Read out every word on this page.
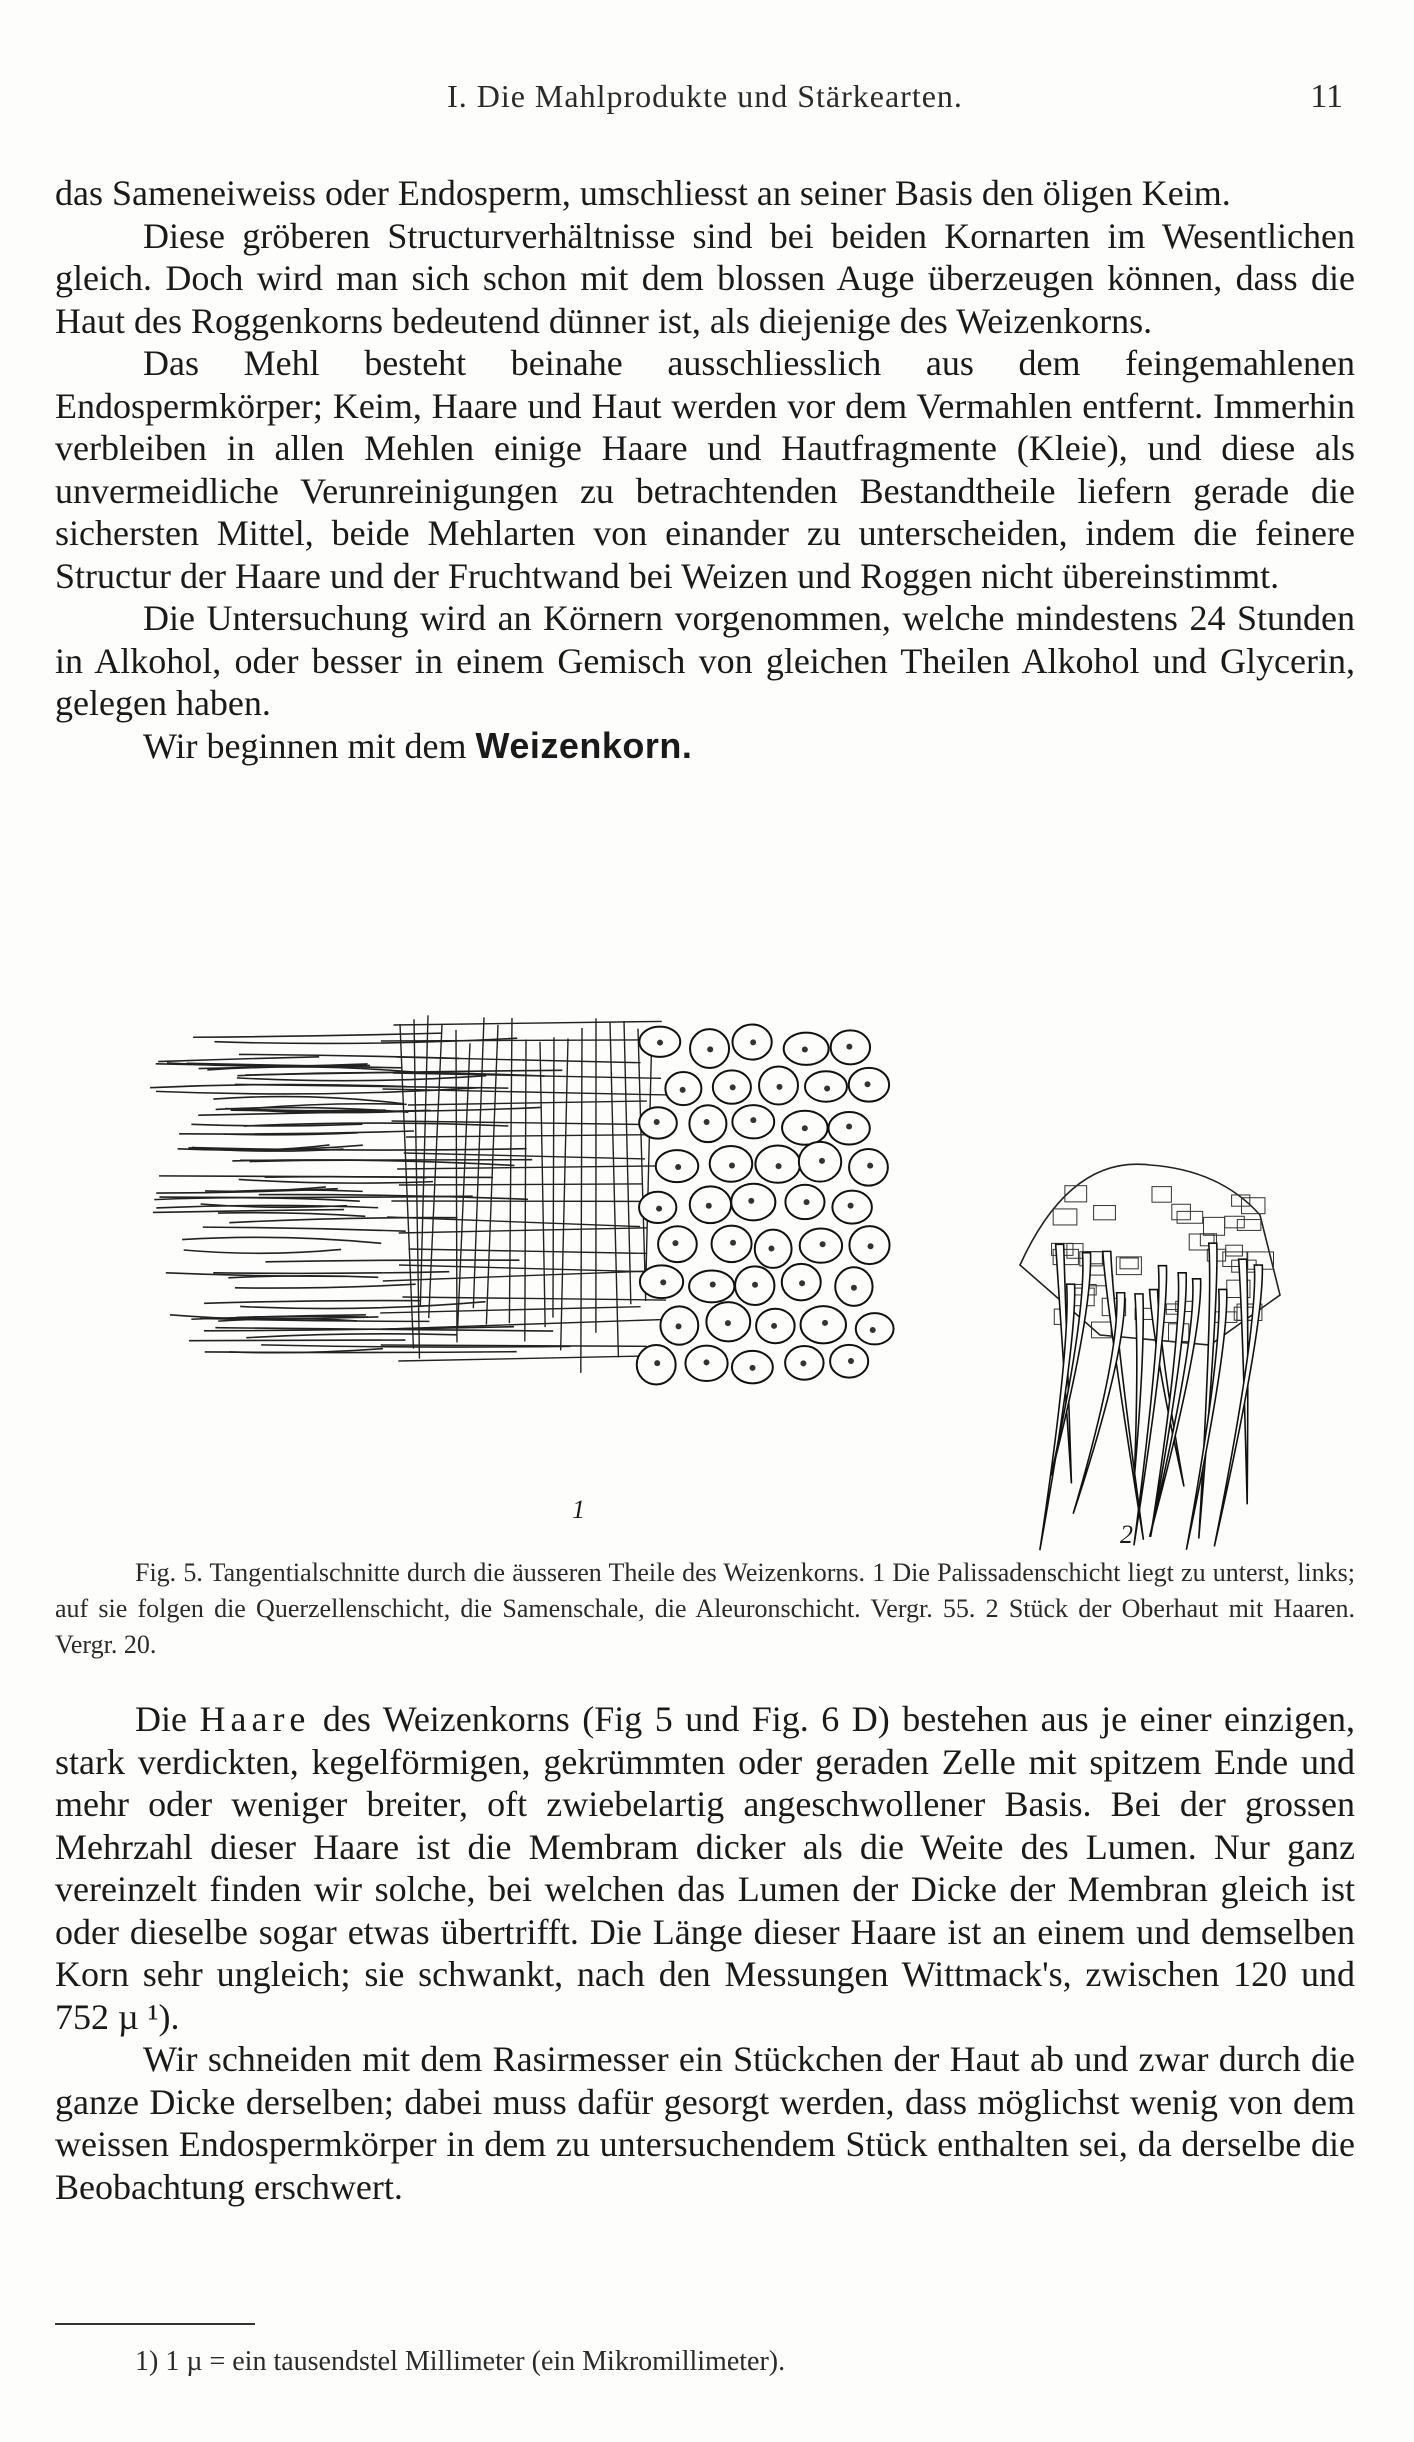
I. Die Mahlprodukte und Stärkearten.	11

das Sameneiweiss oder Endosperm, umschliesst an seiner Basis den öligen Keim.

Diese gröberen Structurverhältnisse sind bei beiden Kornarten im Wesentlichen gleich. Doch wird man sich schon mit dem blossen Auge überzeugen können, dass die Haut des Roggenkorns bedeutend dünner ist, als diejenige des Weizenkorns.

Das Mehl besteht beinahe ausschliesslich aus dem feingemahlenen Endospermkörper; Keim, Haare und Haut werden vor dem Vermahlen entfernt. Immerhin verbleiben in allen Mehlen einige Haare und Hautfragmente (Kleie), und diese als unvermeidliche Verunreinigungen zu betrachtenden Bestandtheile liefern gerade die sichersten Mittel, beide Mehlarten von einander zu unterscheiden, indem die feinere Structur der Haare und der Fruchtwand bei Weizen und Roggen nicht übereinstimmt.

Die Untersuchung wird an Körnern vorgenommen, welche mindestens 24 Stunden in Alkohol, oder besser in einem Gemisch von gleichen Theilen Alkohol und Glycerin, gelegen haben.

Wir beginnen mit dem Weizenkorn.

1
2

Fig. 5. Tangentialschnitte durch die äusseren Theile des Weizenkorns. 1 Die Palissadenschicht liegt zu unterst, links; auf sie folgen die Querzellenschicht, die Samenschale, die Aleuronschicht. Vergr. 55. 2 Stück der Oberhaut mit Haaren. Vergr. 20.

Die Haare des Weizenkorns (Fig 5 und Fig. 6 D) bestehen aus je einer einzigen, stark verdickten, kegelförmigen, gekrümmten oder geraden Zelle mit spitzem Ende und mehr oder weniger breiter, oft zwiebelartig angeschwollener Basis. Bei der grossen Mehrzahl dieser Haare ist die Membram dicker als die Weite des Lumen. Nur ganz vereinzelt finden wir solche, bei welchen das Lumen der Dicke der Membran gleich ist oder dieselbe sogar etwas übertrifft. Die Länge dieser Haare ist an einem und demselben Korn sehr ungleich; sie schwankt, nach den Messungen Wittmack's, zwischen 120 und 752 µ ¹).

Wir schneiden mit dem Rasirmesser ein Stückchen der Haut ab und zwar durch die ganze Dicke derselben; dabei muss dafür gesorgt werden, dass möglichst wenig von dem weissen Endospermkörper in dem zu untersuchendem Stück enthalten sei, da derselbe die Beobachtung erschwert.

1) 1 µ = ein tausendstel Millimeter (ein Mikromillimeter).
